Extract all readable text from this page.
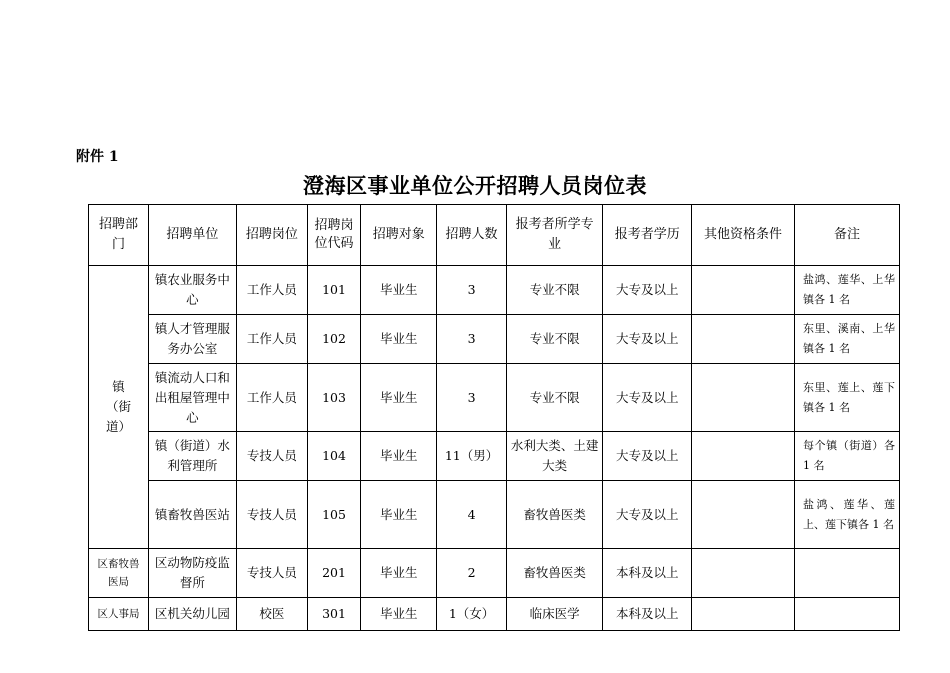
附件 1
澄海区事业单位公开招聘人员岗位表
招聘部门	招聘单位	招聘岗位	招聘岗位代码	招聘对象	招聘人数	报考者所学专业	报考者学历	其他资格条件	备注

镇（街道）	镇农业服务中心	工作人员	101	毕业生	3	专业不限	大专及以上		盐鸿、莲华、上华镇各 1 名
	镇人才管理服务办公室	工作人员	102	毕业生	3	专业不限	大专及以上		东里、溪南、上华镇各 1 名
	镇流动人口和出租屋管理中心	工作人员	103	毕业生	3	专业不限	大专及以上		东里、莲上、莲下镇各 1 名
	镇（街道）水利管理所	专技人员	104	毕业生	11（男）	水利大类、土建大类	大专及以上		每个镇（街道）各 1 名
	镇畜牧兽医站	专技人员	105	毕业生	4	畜牧兽医类	大专及以上		盐鸿、莲华、莲上、莲下镇各 1 名
区畜牧兽医局	区动物防疫监督所	专技人员	201	毕业生	2	畜牧兽医类	本科及以上		
区人事局	区机关幼儿园	校医	301	毕业生	1（女）	临床医学	本科及以上		
